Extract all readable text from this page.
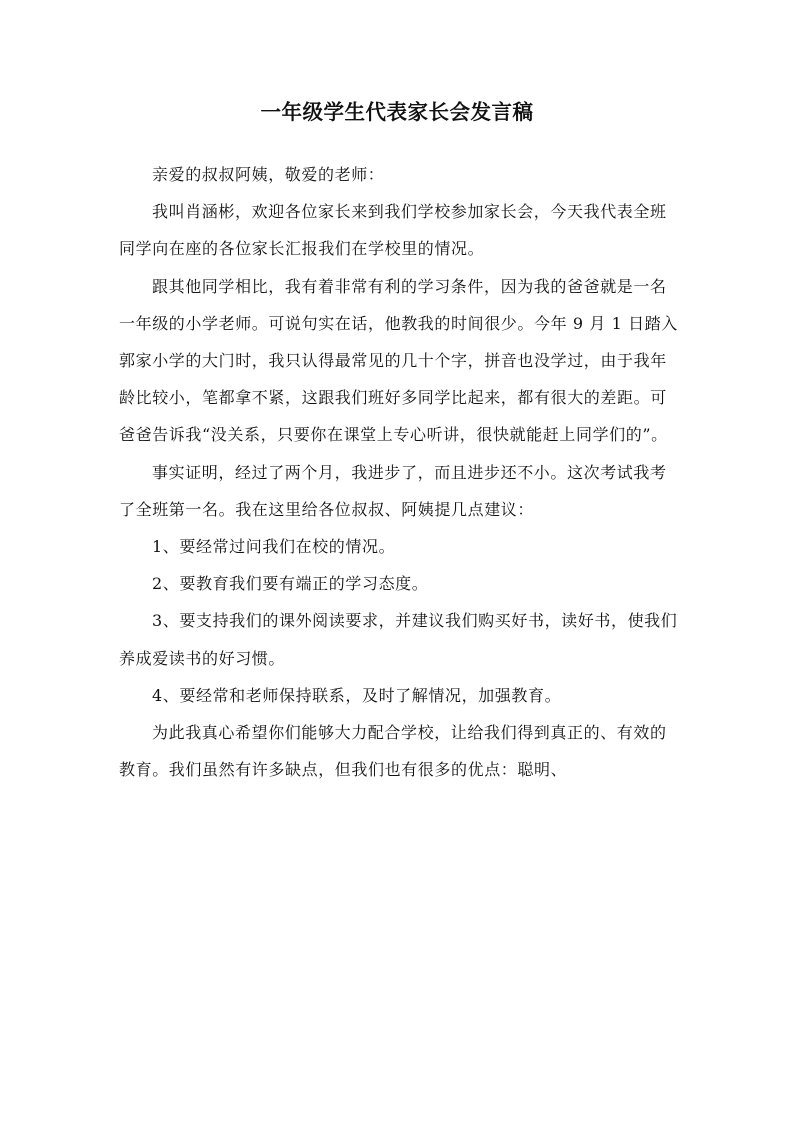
一年级学生代表家长会发言稿

亲爱的叔叔阿姨，敬爱的老师：

我叫肖涵彬，欢迎各位家长来到我们学校参加家长会，今天我代表全班同学向在座的各位家长汇报我们在学校里的情况。

跟其他同学相比，我有着非常有利的学习条件，因为我的爸爸就是一名一年级的小学老师。可说句实在话，他教我的时间很少。今年 9 月 1 日踏入郭家小学的大门时，我只认得最常见的几十个字，拼音也没学过，由于我年龄比较小，笔都拿不紧，这跟我们班好多同学比起来，都有很大的差距。可爸爸告诉我“没关系，只要你在课堂上专心听讲，很快就能赶上同学们的”。

事实证明，经过了两个月，我进步了，而且进步还不小。这次考试我考了全班第一名。我在这里给各位叔叔、阿姨提几点建议：

1、要经常过问我们在校的情况。

2、要教育我们要有端正的学习态度。

3、要支持我们的课外阅读要求，并建议我们购买好书，读好书，使我们养成爱读书的好习惯。

4、要经常和老师保持联系，及时了解情况，加强教育。

为此我真心希望你们能够大力配合学校，让给我们得到真正的、有效的教育。我们虽然有许多缺点，但我们也有很多的优点：聪明、
